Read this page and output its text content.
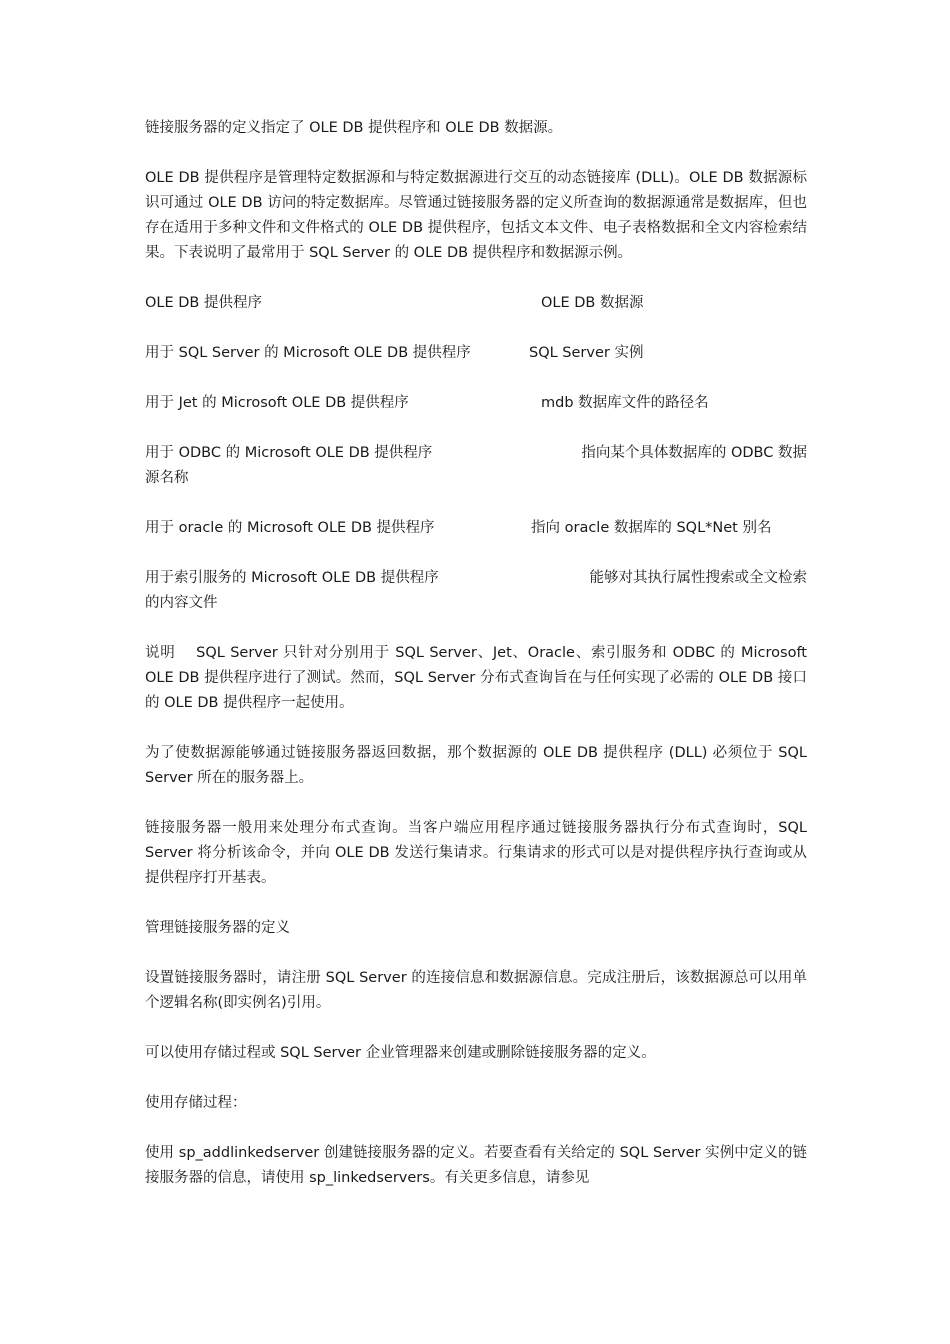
链接服务器的定义指定了 OLE DB 提供程序和 OLE DB 数据源。

OLE DB 提供程序是管理特定数据源和与特定数据源进行交互的动态链接库 (DLL)。OLE DB 数据源标识可通过 OLE DB 访问的特定数据库。尽管通过链接服务器的定义所查询的数据源通常是数据库，但也存在适用于多种文件和文件格式的 OLE DB 提供程序，包括文本文件、电子表格数据和全文内容检索结果。下表说明了最常用于 SQL Server 的 OLE DB 提供程序和数据源示例。

OLE DB 提供程序	OLE DB 数据源
用于 SQL Server 的 Microsoft OLE DB 提供程序	SQL Server 实例
用于 Jet 的 Microsoft OLE DB 提供程序	mdb 数据库文件的路径名
用于 ODBC 的 Microsoft OLE DB 提供程序	指向某个具体数据库的 ODBC 数据
源名称
用于 oracle 的 Microsoft OLE DB 提供程序	指向 oracle 数据库的 SQL*Net 别名
用于索引服务的 Microsoft OLE DB 提供程序	能够对其执行属性搜索或全文检索
的内容文件

说明　 SQL Server 只针对分别用于 SQL Server、Jet、Oracle、索引服务和 ODBC 的 Microsoft OLE DB 提供程序进行了测试。然而，SQL Server 分布式查询旨在与任何实现了必需的 OLE DB 接口的 OLE DB 提供程序一起使用。

为了使数据源能够通过链接服务器返回数据，那个数据源的 OLE DB 提供程序 (DLL) 必须位于 SQL Server 所在的服务器上。

链接服务器一般用来处理分布式查询。当客户端应用程序通过链接服务器执行分布式查询时，SQL Server 将分析该命令，并向 OLE DB 发送行集请求。行集请求的形式可以是对提供程序执行查询或从提供程序打开基表。

管理链接服务器的定义

设置链接服务器时，请注册 SQL Server 的连接信息和数据源信息。完成注册后，该数据源总可以用单个逻辑名称(即实例名)引用。

可以使用存储过程或 SQL Server 企业管理器来创建或删除链接服务器的定义。

使用存储过程：

使用 sp_addlinkedserver 创建链接服务器的定义。若要查看有关给定的 SQL Server 实例中定义的链接服务器的信息，请使用 sp_linkedservers。有关更多信息，请参见
